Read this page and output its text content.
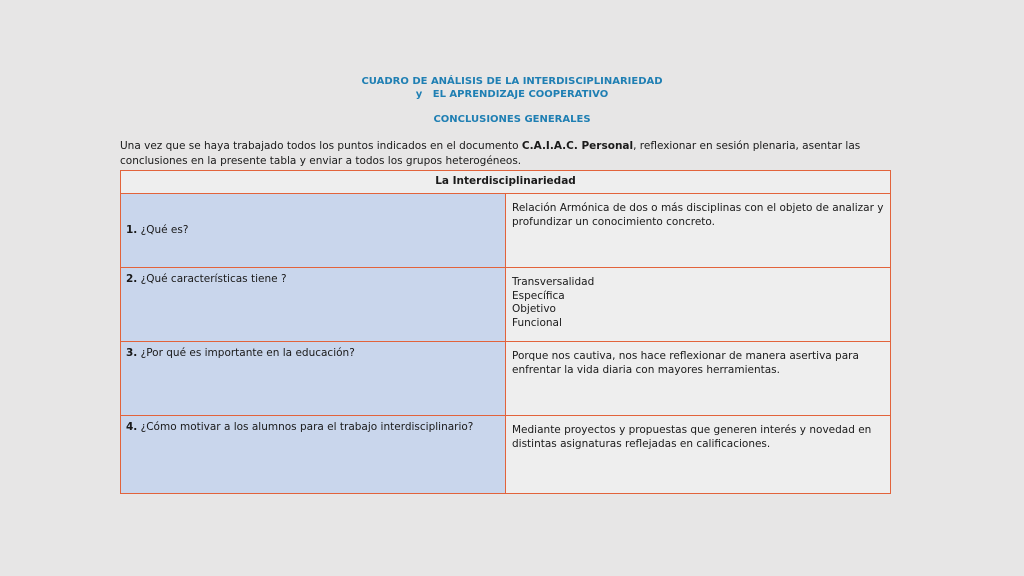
CUADRO DE ANÁLISIS DE LA INTERDISCIPLINARIEDAD
y   EL APRENDIZAJE COOPERATIVO
CONCLUSIONES GENERALES

Una vez que se haya trabajado todos los puntos indicados en el documento C.A.I.A.C. Personal, reflexionar en sesión plenaria, asentar las conclusiones en la presente tabla y enviar a todos los grupos heterogéneos.

La Interdisciplinariedad	
1. ¿Qué es?	Relación Armónica de dos o más disciplinas con el objeto de analizar y profundizar un conocimiento concreto.

2. ¿Qué características tiene ?	Transversalidad
Específica
Objetivo
Funcional

3. ¿Por qué es importante en la educación?	Porque nos cautiva, nos hace reflexionar de manera asertiva para enfrentar la vida diaria con mayores herramientas.

4. ¿Cómo motivar a los alumnos para el trabajo interdisciplinario?	Mediante proyectos y propuestas que generen interés y novedad en distintas asignaturas reflejadas en calificaciones.
